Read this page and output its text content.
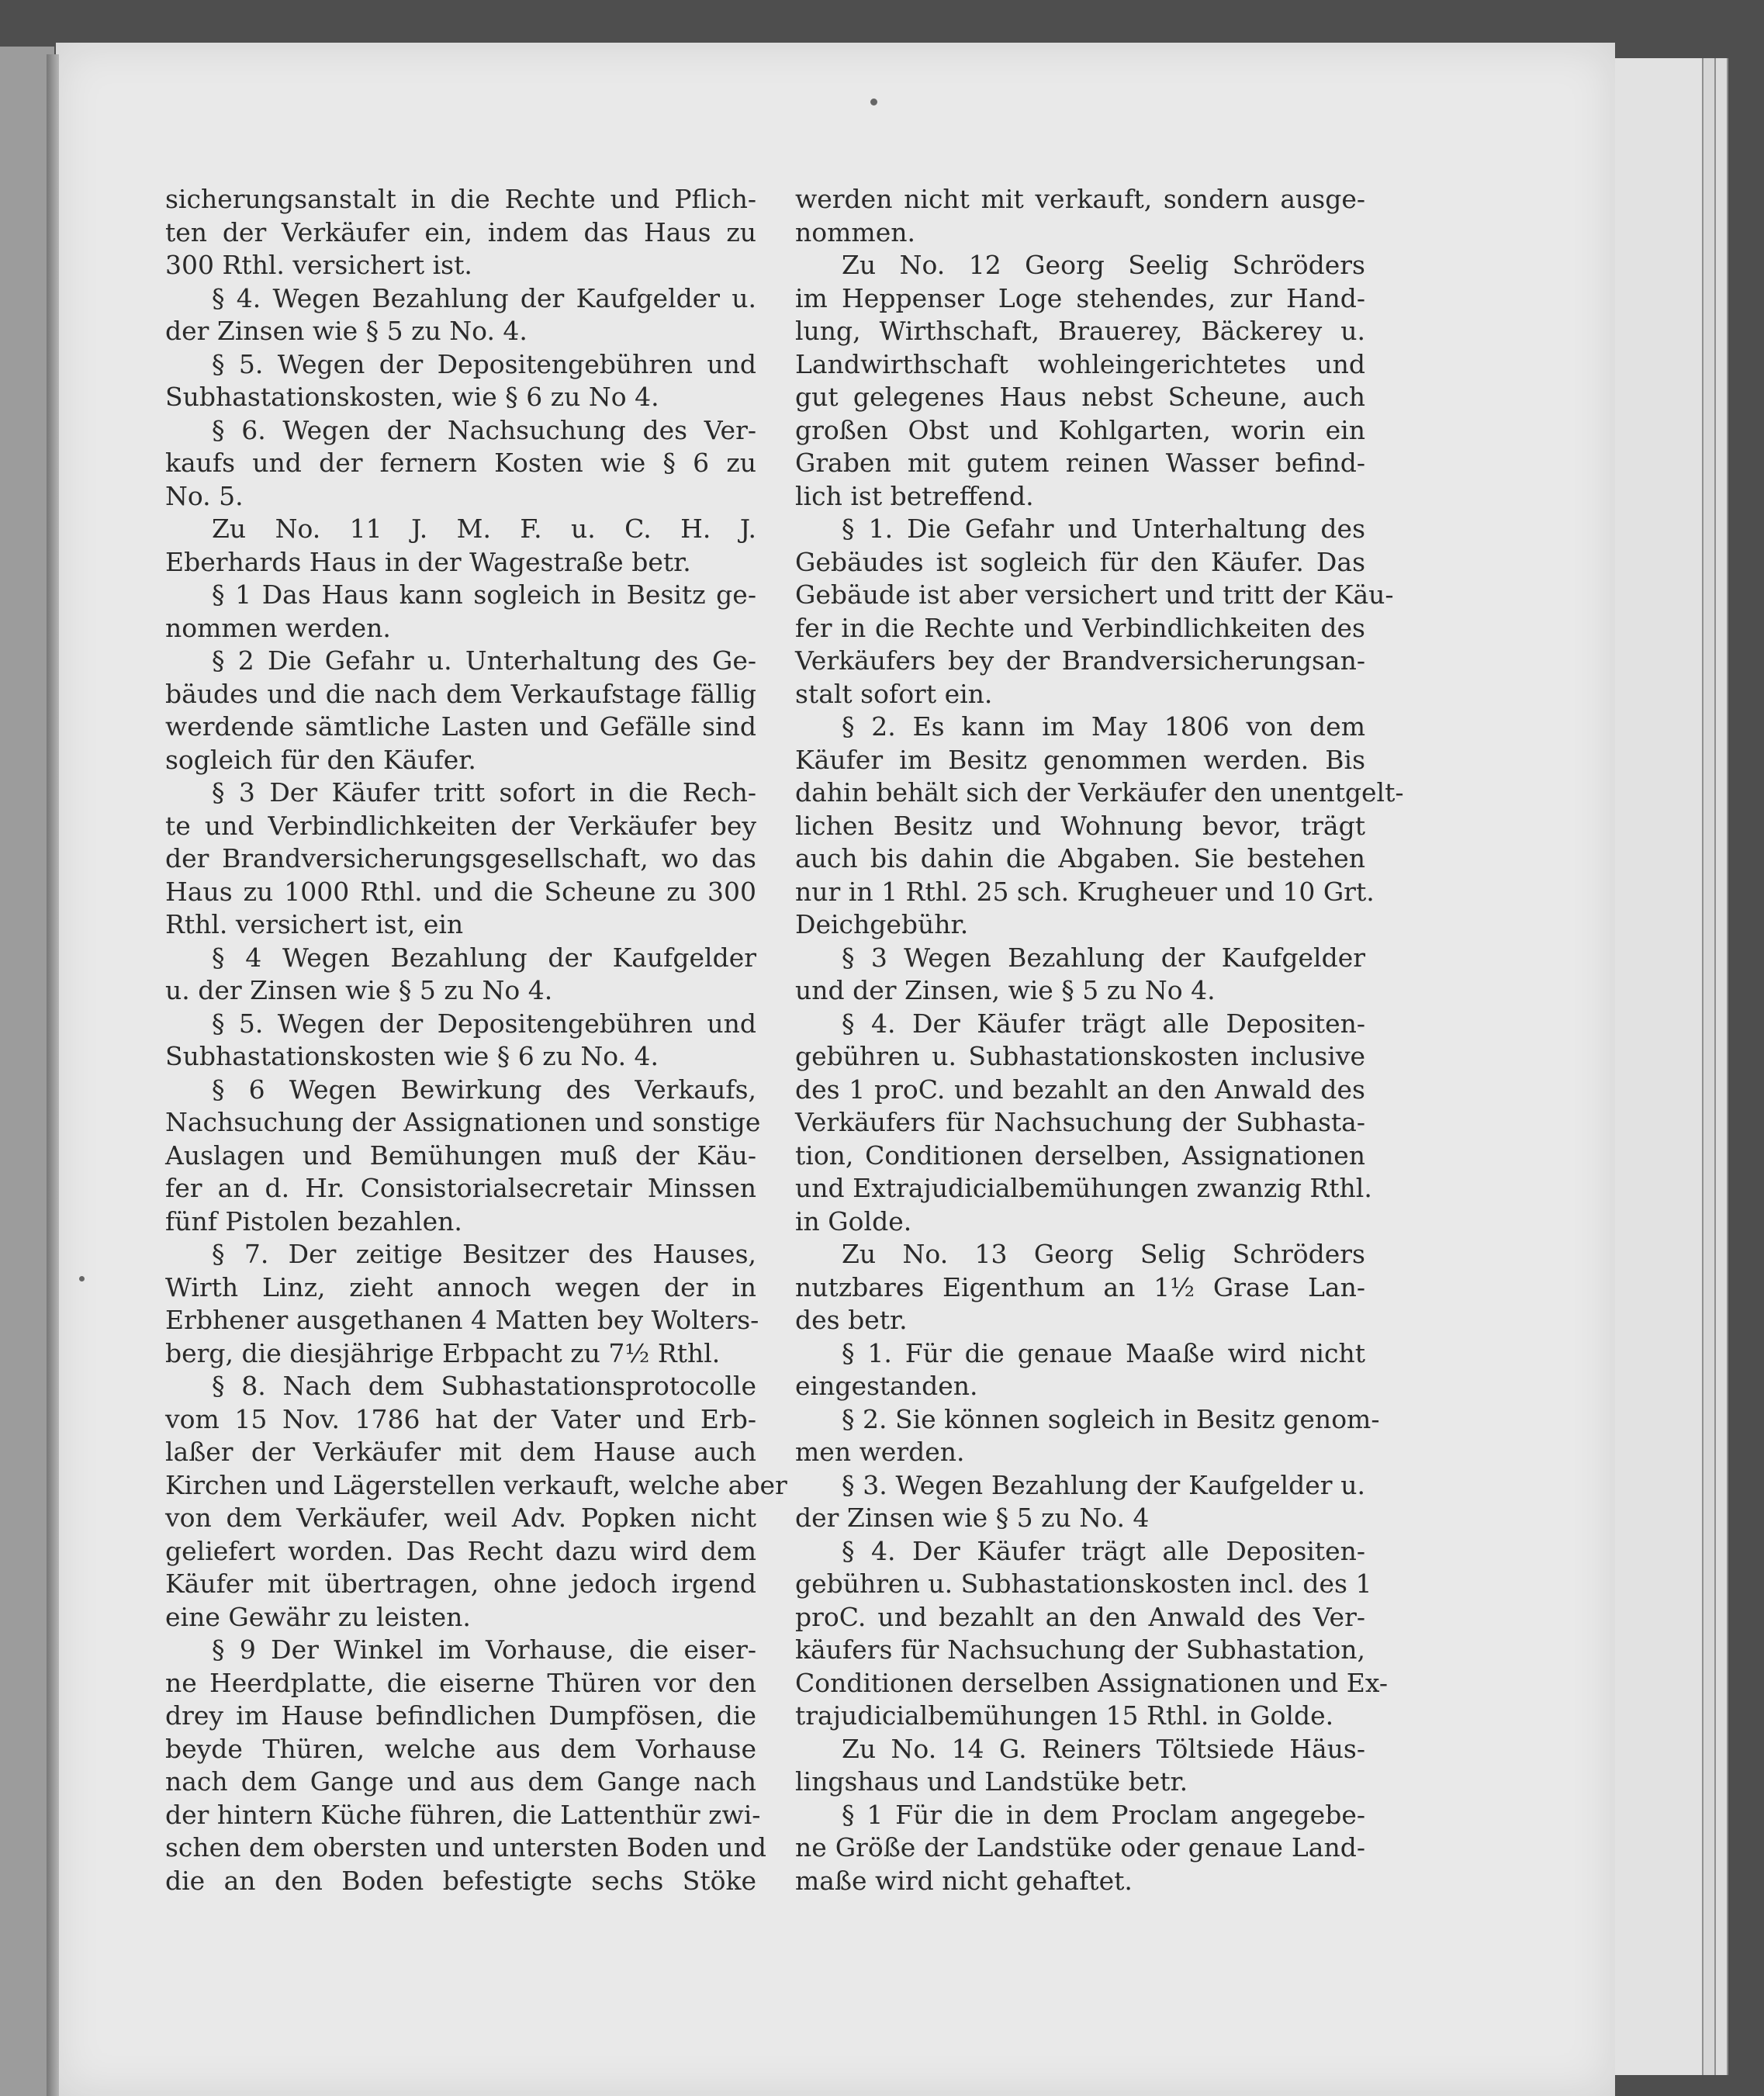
sicherungsanstalt in die Rechte und Pflich-
ten der Verkäufer ein, indem das Haus zu
300 Rthl. versichert ist.
§ 4. Wegen Bezahlung der Kaufgelder u.
der Zinsen wie § 5 zu No. 4.
§ 5. Wegen der Depositengebühren und
Subhastationskosten, wie § 6 zu No 4.
§ 6. Wegen der Nachsuchung des Ver-
kaufs und der fernern Kosten wie § 6 zu
No. 5.
Zu No. 11 J. M. F. u. C. H. J.
Eberhards Haus in der Wagestraße betr.
§ 1 Das Haus kann sogleich in Besitz ge-
nommen werden.
§ 2 Die Gefahr u. Unterhaltung des Ge-
bäudes und die nach dem Verkaufstage fällig
werdende sämtliche Lasten und Gefälle sind
sogleich für den Käufer.
§ 3 Der Käufer tritt sofort in die Rech-
te und Verbindlichkeiten der Verkäufer bey
der Brandversicherungsgesellschaft, wo das
Haus zu 1000 Rthl. und die Scheune zu 300
Rthl. versichert ist, ein
§ 4 Wegen Bezahlung der Kaufgelder
u. der Zinsen wie § 5 zu No 4.
§ 5. Wegen der Depositengebühren und
Subhastationskosten wie § 6 zu No. 4.
§ 6 Wegen Bewirkung des Verkaufs,
Nachsuchung der Assignationen und sonstige
Auslagen und Bemühungen muß der Käu-
fer an d. Hr. Consistorialsecretair Minssen
fünf Pistolen bezahlen.
§ 7. Der zeitige Besitzer des Hauses,
Wirth Linz, zieht annoch wegen der in
Erbhener ausgethanen 4 Matten bey Wolters-
berg, die diesjährige Erbpacht zu 7½ Rthl.
§ 8. Nach dem Subhastationsprotocolle
vom 15 Nov. 1786 hat der Vater und Erb-
laßer der Verkäufer mit dem Hause auch
Kirchen und Lägerstellen verkauft, welche aber
von dem Verkäufer, weil Adv. Popken nicht
geliefert worden. Das Recht dazu wird dem
Käufer mit übertragen, ohne jedoch irgend
eine Gewähr zu leisten.
§ 9 Der Winkel im Vorhause, die eiser-
ne Heerdplatte, die eiserne Thüren vor den
drey im Hause befindlichen Dumpfösen, die
beyde Thüren, welche aus dem Vorhause
nach dem Gange und aus dem Gange nach
der hintern Küche führen, die Lattenthür zwi-
schen dem obersten und untersten Boden und
die an den Boden befestigte sechs Stöke
werden nicht mit verkauft, sondern ausge-
nommen.
Zu No. 12 Georg Seelig Schröders
im Heppenser Loge stehendes, zur Hand-
lung, Wirthschaft, Brauerey, Bäckerey u.
Landwirthschaft wohleingerichtetes und
gut gelegenes Haus nebst Scheune, auch
großen Obst und Kohlgarten, worin ein
Graben mit gutem reinen Wasser befind-
lich ist betreffend.
§ 1. Die Gefahr und Unterhaltung des
Gebäudes ist sogleich für den Käufer. Das
Gebäude ist aber versichert und tritt der Käu-
fer in die Rechte und Verbindlichkeiten des
Verkäufers bey der Brandversicherungsan-
stalt sofort ein.
§ 2. Es kann im May 1806 von dem
Käufer im Besitz genommen werden. Bis
dahin behält sich der Verkäufer den unentgelt-
lichen Besitz und Wohnung bevor, trägt
auch bis dahin die Abgaben. Sie bestehen
nur in 1 Rthl. 25 sch. Krugheuer und 10 Grt.
Deichgebühr.
§ 3 Wegen Bezahlung der Kaufgelder
und der Zinsen, wie § 5 zu No 4.
§ 4. Der Käufer trägt alle Depositen-
gebühren u. Subhastationskosten inclusive
des 1 proC. und bezahlt an den Anwald des
Verkäufers für Nachsuchung der Subhasta-
tion, Conditionen derselben, Assignationen
und Extrajudicialbemühungen zwanzig Rthl.
in Golde.
Zu No. 13 Georg Selig Schröders
nutzbares Eigenthum an 1½ Grase Lan-
des betr.
§ 1. Für die genaue Maaße wird nicht
eingestanden.
§ 2. Sie können sogleich in Besitz genom-
men werden.
§ 3. Wegen Bezahlung der Kaufgelder u.
der Zinsen wie § 5 zu No. 4
§ 4. Der Käufer trägt alle Depositen-
gebühren u. Subhastationskosten incl. des 1
proC. und bezahlt an den Anwald des Ver-
käufers für Nachsuchung der Subhastation,
Conditionen derselben Assignationen und Ex-
trajudicialbemühungen 15 Rthl. in Golde.
Zu No. 14 G. Reiners Töltsiede Häus-
lingshaus und Landstüke betr.
§ 1 Für die in dem Proclam angegebe-
ne Größe der Landstüke oder genaue Land-
maße wird nicht gehaftet.
